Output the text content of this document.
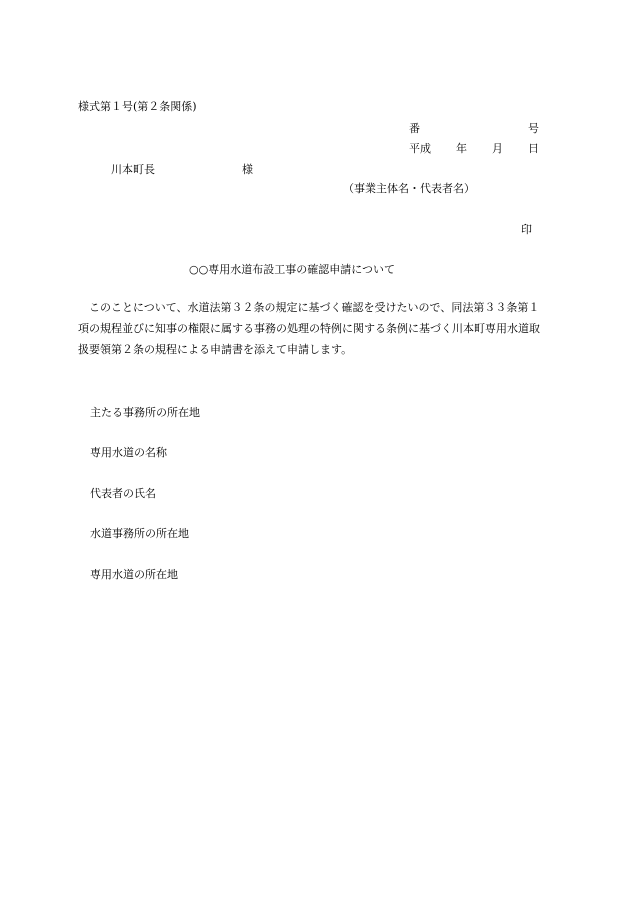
様式第１号(第２条関係)
番	号
平成 年 月 日
川本町長	様
（事業主体名・代表者名）
印
○○専用水道布設工事の確認申請について
このことについて、水道法第３２条の規定に基づく確認を受けたいので、同法第３３条第１項の規程並びに知事の権限に属する事務の処理の特例に関する条例に基づく川本町専用水道取扱要領第２条の規程による申請書を添えて申請します。
主たる事務所の所在地
専用水道の名称
代表者の氏名
水道事務所の所在地
専用水道の所在地
